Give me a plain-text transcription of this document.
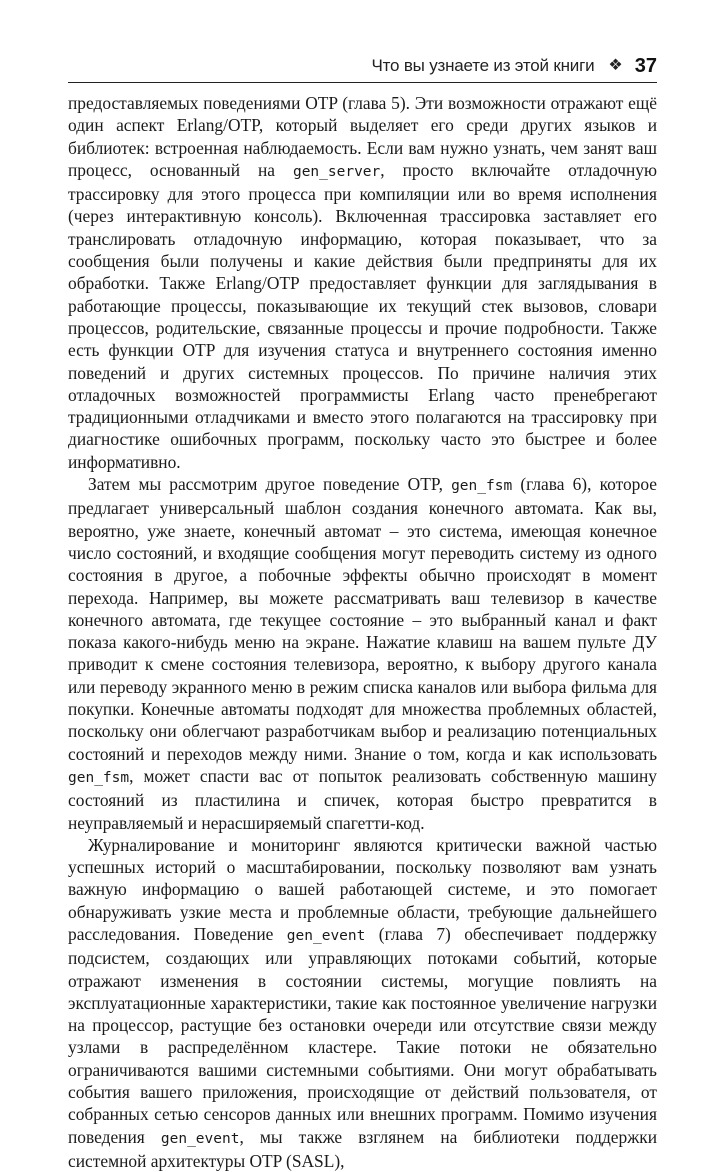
Что вы узнаете из этой книги ❖ 37

предоставляемых поведениями OTP (глава 5). Эти возможности отражают ещё один аспект Erlang/OTP, который выделяет его среди других языков и библиотек: встроенная наблюдаемость. Если вам нужно узнать, чем занят ваш процесс, основанный на gen_server, просто включайте отладочную трассировку для этого процесса при компиляции или во время исполнения (через интерактивную консоль). Включенная трассировка заставляет его транслировать отладочную информацию, которая показывает, что за сообщения были получены и какие действия были предприняты для их обработки. Также Erlang/OTP предоставляет функции для заглядывания в работающие процессы, показывающие их текущий стек вызовов, словари процессов, родительские, связанные процессы и прочие подробности. Также есть функции OTP для изучения статуса и внутреннего состояния именно поведений и других системных процессов. По причине наличия этих отладочных возможностей программисты Erlang часто пренебрегают традиционными отладчиками и вместо этого полагаются на трассировку при диагностике ошибочных программ, поскольку часто это быстрее и более информативно.

Затем мы рассмотрим другое поведение OTP, gen_fsm (глава 6), которое предлагает универсальный шаблон создания конечного автомата. Как вы, вероятно, уже знаете, конечный автомат – это система, имеющая конечное число состояний, и входящие сообщения могут переводить систему из одного состояния в другое, а побочные эффекты обычно происходят в момент перехода. Например, вы можете рассматривать ваш телевизор в качестве конечного автомата, где текущее состояние – это выбранный канал и факт показа какого-нибудь меню на экране. Нажатие клавиш на вашем пульте ДУ приводит к смене состояния телевизора, вероятно, к выбору другого канала или переводу экранного меню в режим списка каналов или выбора фильма для покупки. Конечные автоматы подходят для множества проблемных областей, поскольку они облегчают разработчикам выбор и реализацию потенциальных состояний и переходов между ними. Знание о том, когда и как использовать gen_fsm, может спасти вас от попыток реализовать собственную машину состояний из пластилина и спичек, которая быстро превратится в неуправляемый и нерасширяемый спагетти-код.

Журналирование и мониторинг являются критически важной частью успешных историй о масштабировании, поскольку позволяют вам узнать важную информацию о вашей работающей системе, и это помогает обнаруживать узкие места и проблемные области, требующие дальнейшего расследования. Поведение gen_event (глава 7) обеспечивает поддержку подсистем, создающих или управляющих потоками событий, которые отражают изменения в состоянии системы, могущие повлиять на эксплуатационные характеристики, такие как постоянное увеличение нагрузки на процессор, растущие без остановки очереди или отсутствие связи между узлами в распределённом кластере. Такие потоки не обязательно ограничиваются вашими системными событиями. Они могут обрабатывать события вашего приложения, происходящие от действий пользователя, от собранных сетью сенсоров данных или внешних программ. Помимо изучения поведения gen_event, мы также взглянем на библиотеки поддержки системной архитектуры OTP (SASL),
